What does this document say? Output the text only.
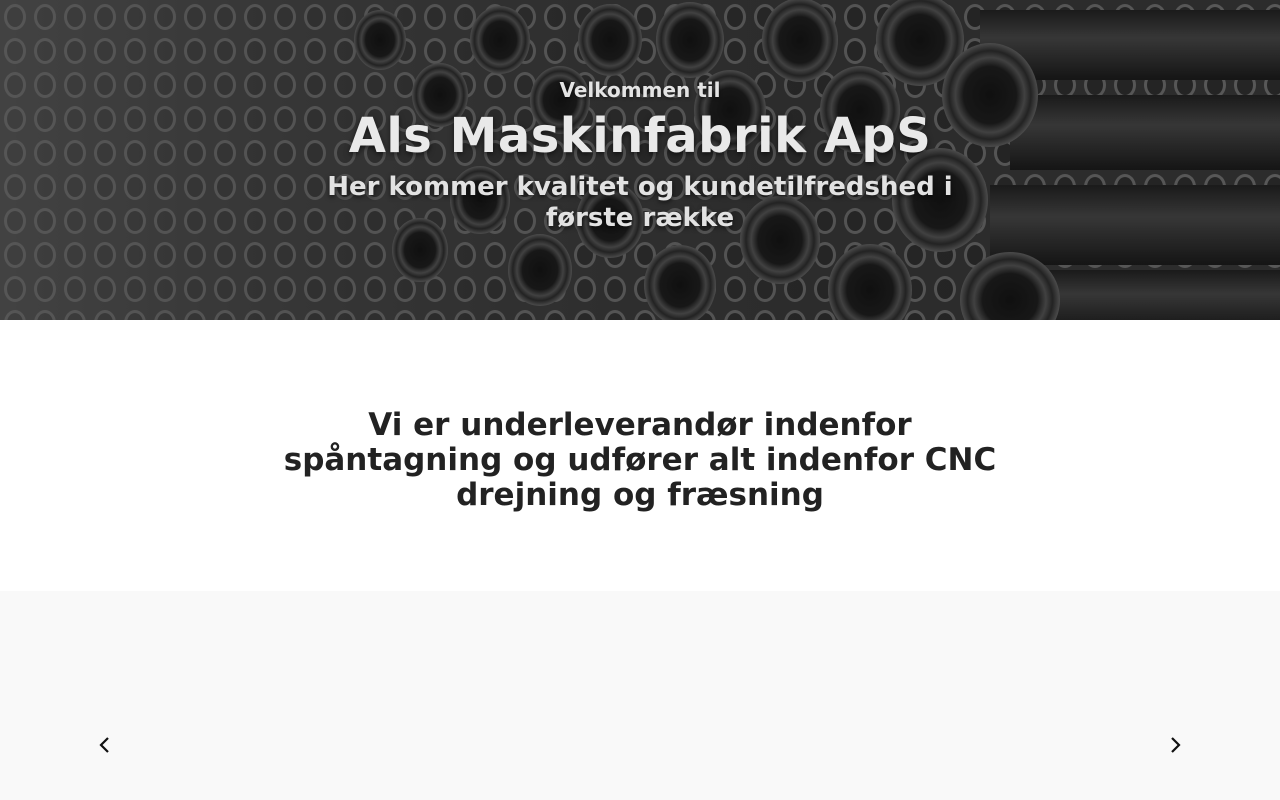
Velkommen til
Als Maskinfabrik ApS
Her kommer kvalitet og kundetilfredshed i første række
Vi er underleverandør indenfor spåntagning og udfører alt indenfor CNC drejning og fræsning
